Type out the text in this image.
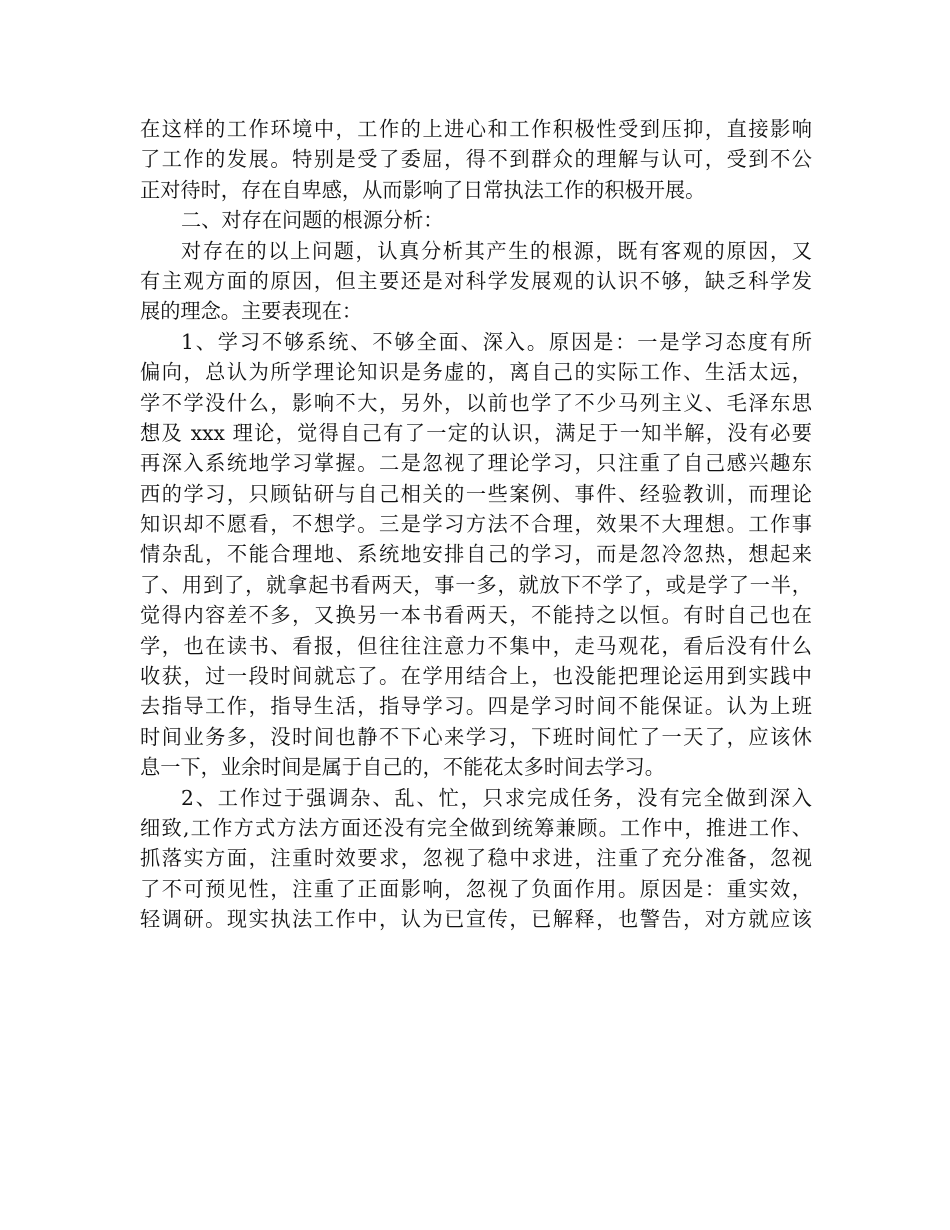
在这样的工作环境中，工作的上进心和工作积极性受到压抑，直接影响
了工作的发展。特别是受了委屈，得不到群众的理解与认可，受到不公
正对待时，存在自卑感，从而影响了日常执法工作的积极开展。
二、对存在问题的根源分析：
对存在的以上问题，认真分析其产生的根源，既有客观的原因，又
有主观方面的原因，但主要还是对科学发展观的认识不够，缺乏科学发
展的理念。主要表现在：
1、学习不够系统、不够全面、深入。原因是：一是学习态度有所
偏向，总认为所学理论知识是务虚的，离自己的实际工作、生活太远，
学不学没什么，影响不大，另外，以前也学了不少马列主义、毛泽东思
想及 xxx 理论，觉得自己有了一定的认识，满足于一知半解，没有必要
再深入系统地学习掌握。二是忽视了理论学习，只注重了自己感兴趣东
西的学习，只顾钻研与自己相关的一些案例、事件、经验教训，而理论
知识却不愿看，不想学。三是学习方法不合理，效果不大理想。工作事
情杂乱，不能合理地、系统地安排自己的学习，而是忽冷忽热，想起来
了、用到了，就拿起书看两天，事一多，就放下不学了，或是学了一半，
觉得内容差不多，又换另一本书看两天，不能持之以恒。有时自己也在
学，也在读书、看报，但往往注意力不集中，走马观花，看后没有什么
收获，过一段时间就忘了。在学用结合上，也没能把理论运用到实践中
去指导工作，指导生活，指导学习。四是学习时间不能保证。认为上班
时间业务多，没时间也静不下心来学习，下班时间忙了一天了，应该休
息一下，业余时间是属于自己的，不能花太多时间去学习。
2、工作过于强调杂、乱、忙，只求完成任务，没有完全做到深入
细致,工作方式方法方面还没有完全做到统筹兼顾。工作中，推进工作、
抓落实方面，注重时效要求，忽视了稳中求进，注重了充分准备，忽视
了不可预见性，注重了正面影响，忽视了负面作用。原因是：重实效，
轻调研。现实执法工作中，认为已宣传，已解释，也警告，对方就应该
